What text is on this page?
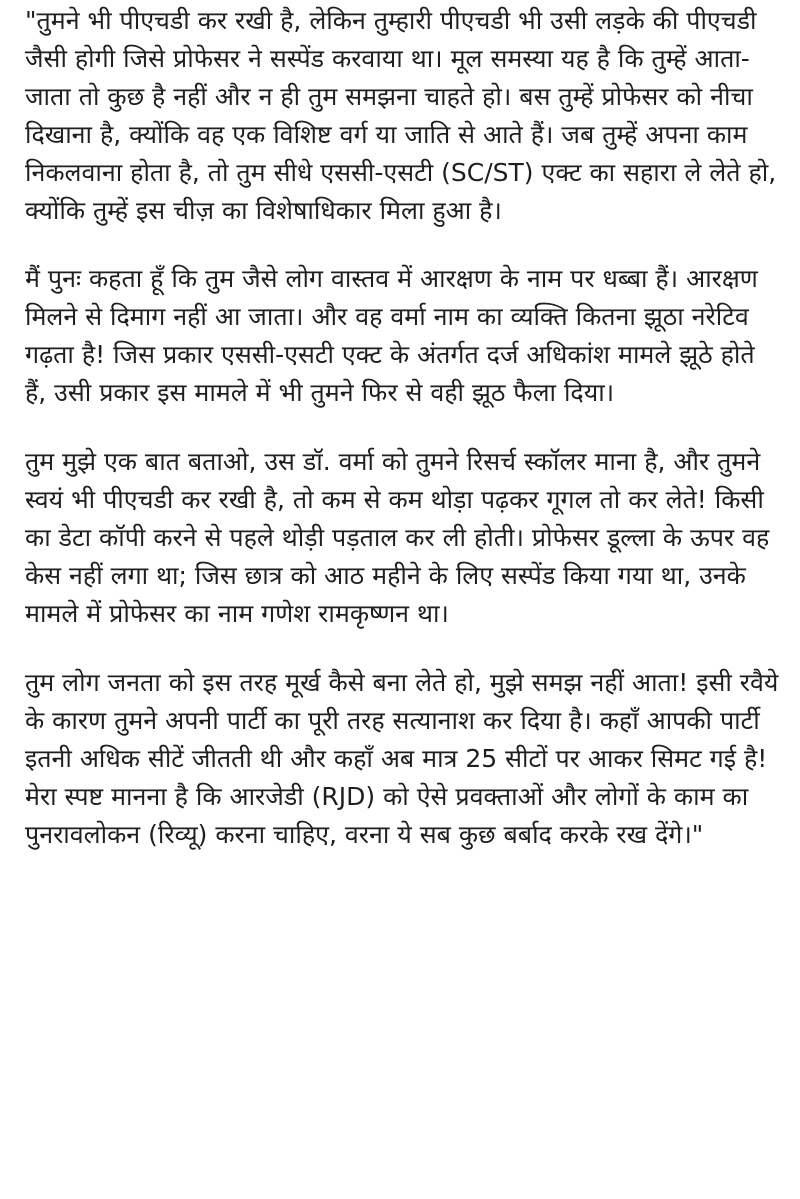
"तुमने भी पीएचडी कर रखी है, लेकिन तुम्हारी पीएचडी भी उसी लड़के की पीएचडी जैसी होगी जिसे प्रोफेसर ने सस्पेंड करवाया था। मूल समस्या यह है कि तुम्हें आता-जाता तो कुछ है नहीं और न ही तुम समझना चाहते हो। बस तुम्हें प्रोफेसर को नीचा दिखाना है, क्योंकि वह एक विशिष्ट वर्ग या जाति से आते हैं। जब तुम्हें अपना काम निकलवाना होता है, तो तुम सीधे एससी-एसटी (SC/ST) एक्ट का सहारा ले लेते हो, क्योंकि तुम्हें इस चीज़ का विशेषाधिकार मिला हुआ है।

मैं पुनः कहता हूँ कि तुम जैसे लोग वास्तव में आरक्षण के नाम पर धब्बा हैं। आरक्षण मिलने से दिमाग नहीं आ जाता। और वह वर्मा नाम का व्यक्ति कितना झूठा नरेटिव गढ़ता है! जिस प्रकार एससी-एसटी एक्ट के अंतर्गत दर्ज अधिकांश मामले झूठे होते हैं, उसी प्रकार इस मामले में भी तुमने फिर से वही झूठ फैला दिया।

तुम मुझे एक बात बताओ, उस डॉ. वर्मा को तुमने रिसर्च स्कॉलर माना है, और तुमने स्वयं भी पीएचडी कर रखी है, तो कम से कम थोड़ा पढ़कर गूगल तो कर लेते! किसी का डेटा कॉपी करने से पहले थोड़ी पड़ताल कर ली होती। प्रोफेसर डूल्ला के ऊपर वह केस नहीं लगा था; जिस छात्र को आठ महीने के लिए सस्पेंड किया गया था, उनके मामले में प्रोफेसर का नाम गणेश रामकृष्णन था।

तुम लोग जनता को इस तरह मूर्ख कैसे बना लेते हो, मुझे समझ नहीं आता! इसी रवैये के कारण तुमने अपनी पार्टी का पूरी तरह सत्यानाश कर दिया है। कहाँ आपकी पार्टी इतनी अधिक सीटें जीतती थी और कहाँ अब मात्र 25 सीटों पर आकर सिमट गई है! मेरा स्पष्ट मानना है कि आरजेडी (RJD) को ऐसे प्रवक्ताओं और लोगों के काम का पुनरावलोकन (रिव्यू) करना चाहिए, वरना ये सब कुछ बर्बाद करके रख देंगे।"
